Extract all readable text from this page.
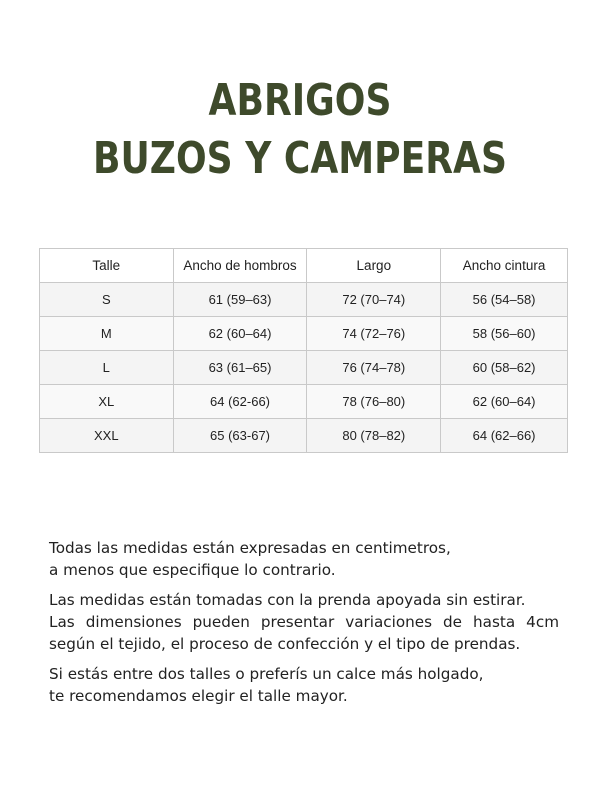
ABRIGOS
BUZOS Y CAMPERAS
Talle	Ancho de hombros	Largo	Ancho cintura
S	61 (59–63)	72 (70–74)	56 (54–58)
M	62 (60–64)	74 (72–76)	58 (56–60)
L	63 (61–65)	76 (74–78)	60 (58–62)
XL	64 (62-66)	78 (76–80)	62 (60–64)
XXL	65 (63-67)	80 (78–82)	64 (62–66)

Todas las medidas están expresadas en centimetros,
a menos que especifique lo contrario.

Las medidas están tomadas con la prenda apoyada sin estirar.
Las dimensiones pueden presentar variaciones de hasta 4cm
según el tejido, el proceso de confección y el tipo de prendas.

Si estás entre dos talles o preferís un calce más holgado,
te recomendamos elegir el talle mayor.
